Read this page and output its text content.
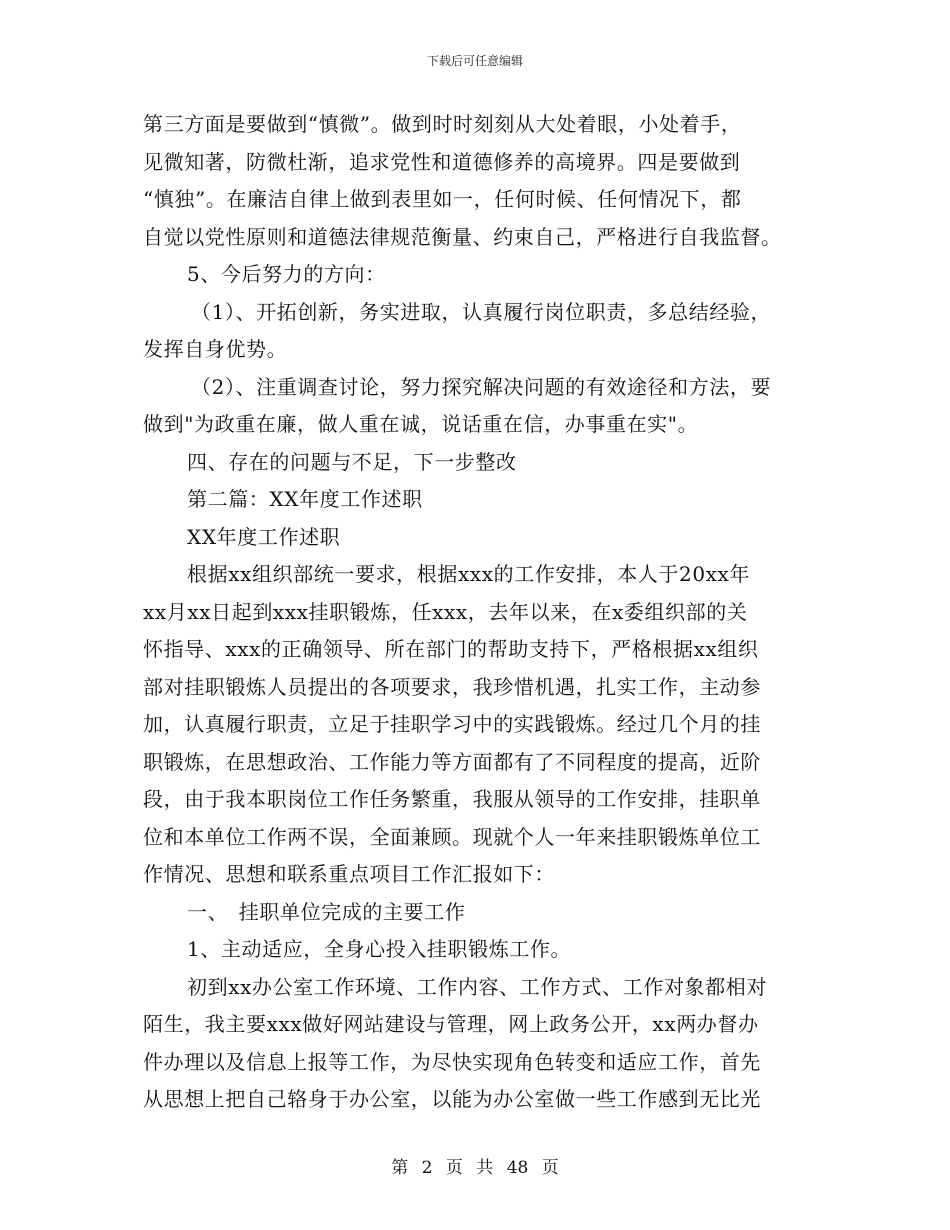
下载后可任意编辑
第三方面是要做到“慎微”。做到时时刻刻从大处着眼，小处着手，
见微知著，防微杜渐，追求党性和道德修养的高境界。四是要做到
“慎独”。在廉洁自律上做到表里如一，任何时候、任何情况下，都
自觉以党性原则和道德法律规范衡量、约束自己，严格进行自我监督。
5、今后努力的方向：
（1）、开拓创新，务实进取，认真履行岗位职责，多总结经验，
发挥自身优势。
（2）、注重调查讨论，努力探究解决问题的有效途径和方法，要
做到"为政重在廉，做人重在诚，说话重在信，办事重在实"。
四、存在的问题与不足，下一步整改
第二篇：XX年度工作述职
XX年度工作述职
根据xx组织部统一要求，根据xxx的工作安排，本人于20xx年
xx月xx日起到xxx挂职锻炼，任xxx，去年以来，在x委组织部的关
怀指导、xxx的正确领导、所在部门的帮助支持下，严格根据xx组织
部对挂职锻炼人员提出的各项要求，我珍惜机遇，扎实工作，主动参
加，认真履行职责，立足于挂职学习中的实践锻炼。经过几个月的挂
职锻炼，在思想政治、工作能力等方面都有了不同程度的提高，近阶
段，由于我本职岗位工作任务繁重，我服从领导的工作安排，挂职单
位和本单位工作两不误，全面兼顾。现就个人一年来挂职锻炼单位工
作情况、思想和联系重点项目工作汇报如下：
一、　挂职单位完成的主要工作
1、主动适应，全身心投入挂职锻炼工作。
初到xx办公室工作环境、工作内容、工作方式、工作对象都相对
陌生，我主要xxx做好网站建设与管理，网上政务公开，xx两办督办
件办理以及信息上报等工作，为尽快实现角色转变和适应工作，首先
从思想上把自己辂身于办公室，以能为办公室做一些工作感到无比光
第 2 页 共 48 页
